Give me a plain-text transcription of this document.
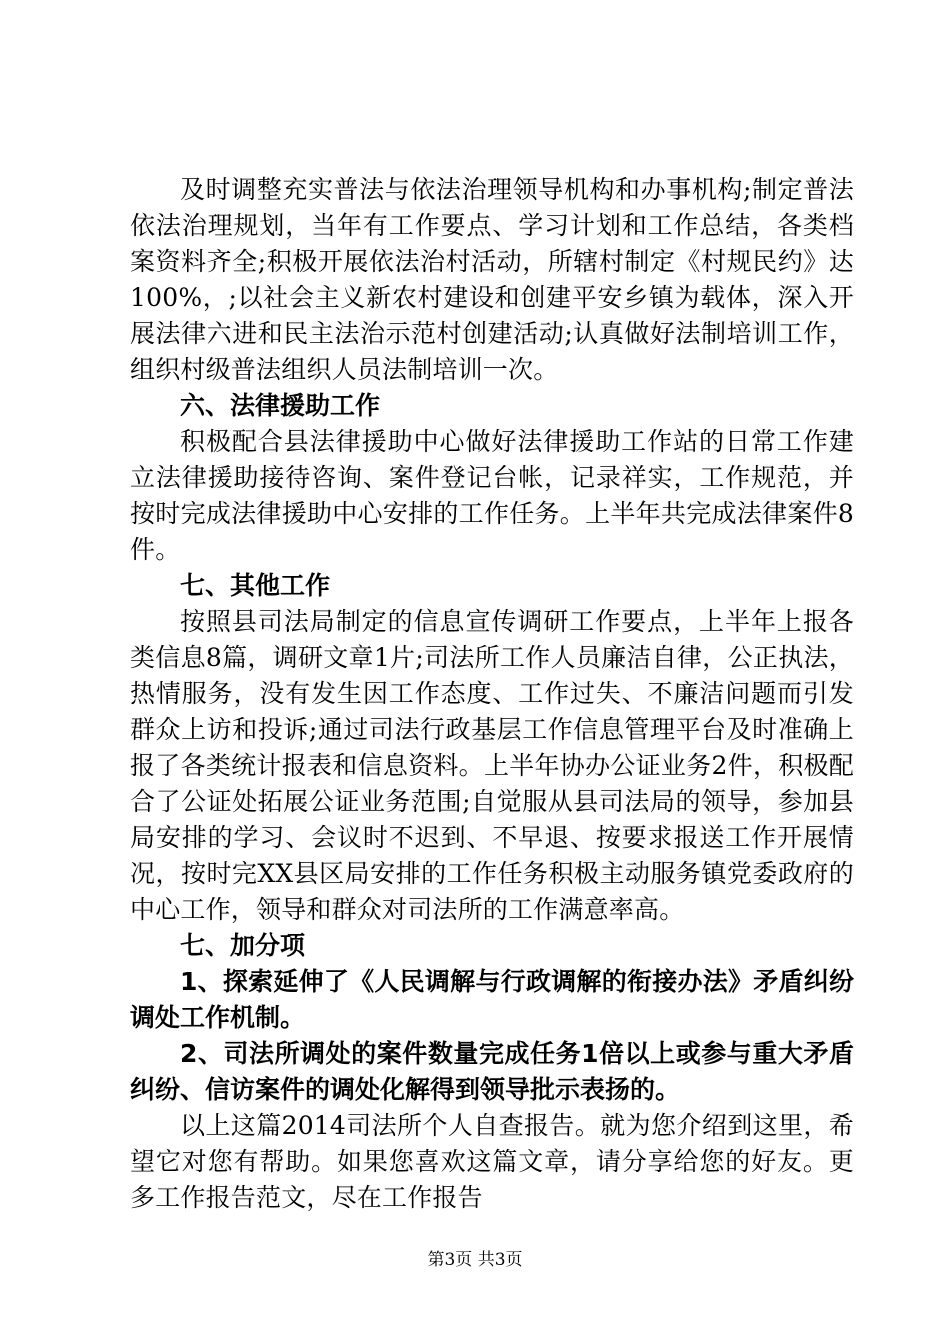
及时调整充实普法与依法治理领导机构和办事机构;制定普法依法治理规划，当年有工作要点、学习计划和工作总结，各类档案资料齐全;积极开展依法治村活动，所辖村制定《村规民约》达100%，;以社会主义新农村建设和创建平安乡镇为载体，深入开展法律六进和民主法治示范村创建活动;认真做好法制培训工作，组织村级普法组织人员法制培训一次。

六、法律援助工作

积极配合县法律援助中心做好法律援助工作站的日常工作建立法律援助接待咨询、案件登记台帐，记录祥实，工作规范，并按时完成法律援助中心安排的工作任务。上半年共完成法律案件8件。

七、其他工作

按照县司法局制定的信息宣传调研工作要点，上半年上报各类信息8篇，调研文章1片;司法所工作人员廉洁自律，公正执法，热情服务，没有发生因工作态度、工作过失、不廉洁问题而引发群众上访和投诉;通过司法行政基层工作信息管理平台及时准确上报了各类统计报表和信息资料。上半年协办公证业务2件，积极配合了公证处拓展公证业务范围;自觉服从县司法局的领导，参加县局安排的学习、会议时不迟到、不早退、按要求报送工作开展情况，按时完XX县区局安排的工作任务积极主动服务镇党委政府的中心工作，领导和群众对司法所的工作满意率高。

七、加分项

1、探索延伸了《人民调解与行政调解的衔接办法》矛盾纠纷调处工作机制。

2、司法所调处的案件数量完成任务1倍以上或参与重大矛盾纠纷、信访案件的调处化解得到领导批示表扬的。

以上这篇2014司法所个人自查报告。就为您介绍到这里，希望它对您有帮助。如果您喜欢这篇文章，请分享给您的好友。更多工作报告范文，尽在工作报告

第3页 共3页
